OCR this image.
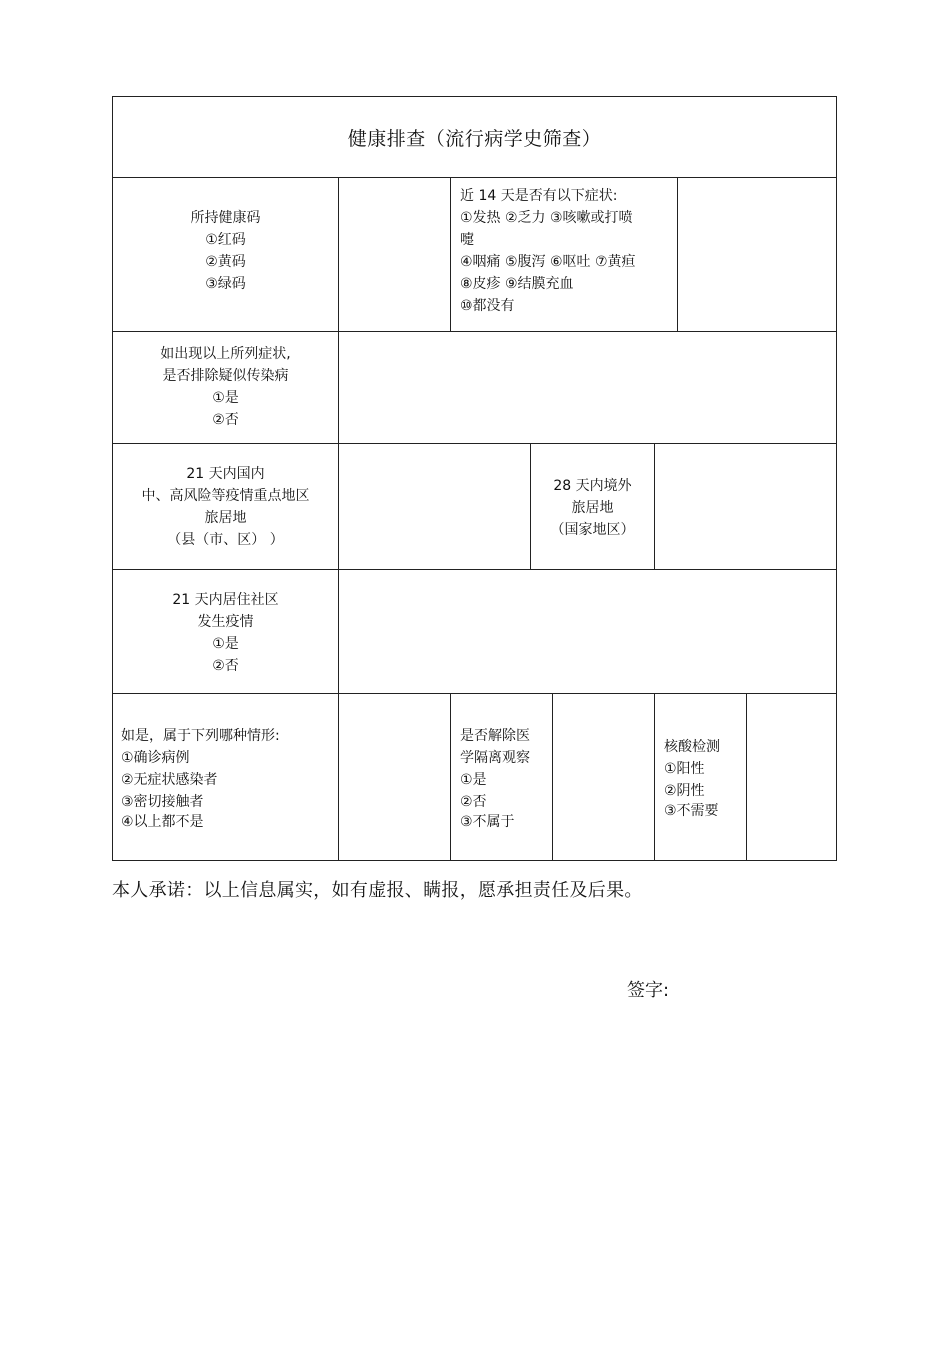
健康排查（流行病学史筛查）
所持健康码
①红码
②黄码
③绿码
近 14 天是否有以下症状:
①发热 ②乏力 ③咳嗽或打喷
嚏
④咽痛 ⑤腹泻 ⑥呕吐 ⑦黄疸
⑧皮疹 ⑨结膜充血
⑩都没有
如出现以上所列症状,
是否排除疑似传染病
①是
②否
21 天内国内
中、高风险等疫情重点地区
旅居地
（县（市、区） ）
28 天内境外
旅居地
（国家地区）
21 天内居住社区
发生疫情
①是
②否
如是，属于下列哪种情形:
①确诊病例
②无症状感染者
③密切接触者
④以上都不是
是否解除医
学隔离观察
①是
②否
③不属于
核酸检测
①阳性
②阴性
③不需要
本人承诺：以上信息属实，如有虚报、瞒报，愿承担责任及后果。
签字:
